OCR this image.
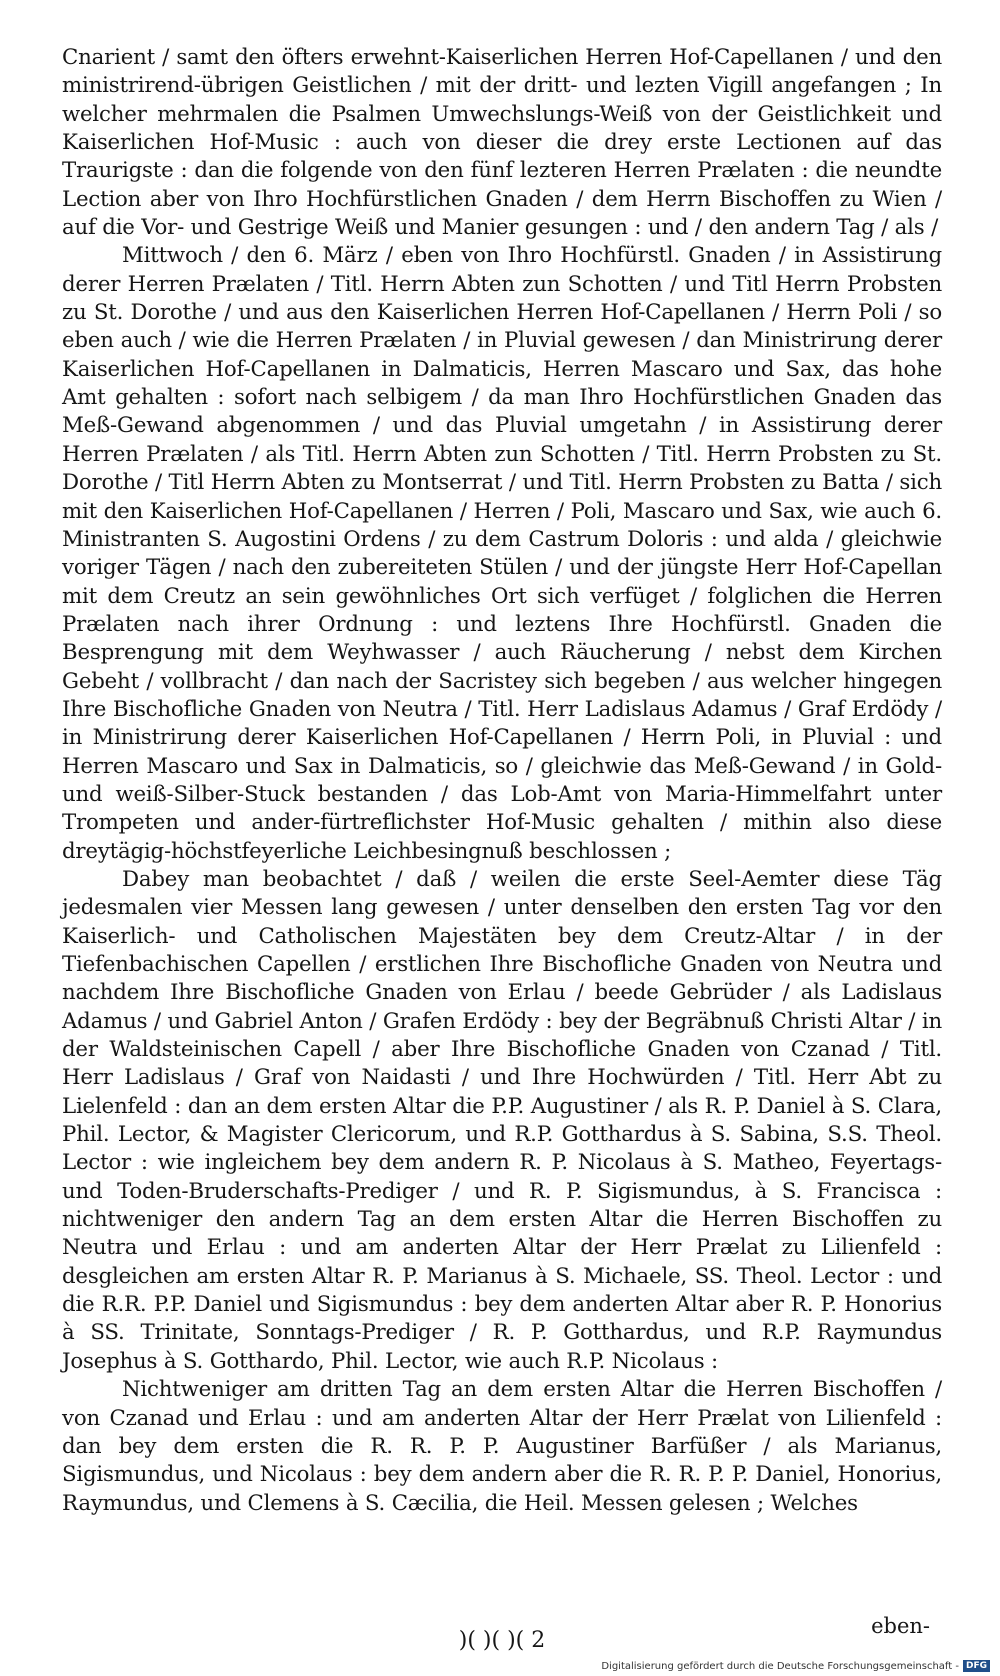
Cnarient / samt den öfters erwehnt-Kaiserlichen Herren Hof-Capellanen / und den ministrirend-übrigen Geistlichen / mit der dritt- und lezten Vigill angefangen ; In welcher mehrmalen die Psalmen Umwechslungs-Weiß von der Geistlichkeit und Kaiserlichen Hof-Music : auch von dieser die drey erste Lectionen auf das Traurigste : dan die folgende von den fünf lezteren Herren Prælaten : die neundte Lection aber von Ihro Hochfürstlichen Gnaden / dem Herrn Bischoffen zu Wien / auf die Vor- und Gestrige Weiß und Manier gesungen : und / den andern Tag / als /
Mittwoch / den 6. März / eben von Ihro Hochfürstl. Gnaden / in Assistirung derer Herren Prælaten / Titl. Herrn Abten zun Schotten / und Titl Herrn Probsten zu St. Dorothe / und aus den Kaiserlichen Herren Hof-Capellanen / Herrn Poli / so eben auch / wie die Herren Prælaten / in Pluvial gewesen / dan Ministrirung derer Kaiserlichen Hof-Capellanen in Dalmaticis, Herren Mascaro und Sax, das hohe Amt gehalten : sofort nach selbigem / da man Ihro Hochfürstlichen Gnaden das Meß-Gewand abgenommen / und das Pluvial umgetahn / in Assistirung derer Herren Prælaten / als Titl. Herrn Abten zun Schotten / Titl. Herrn Probsten zu St. Dorothe / Titl Herrn Abten zu Montserrat / und Titl. Herrn Probsten zu Batta / sich mit den Kaiserlichen Hof-Capellanen / Herren / Poli, Mascaro und Sax, wie auch 6. Ministranten S. Augostini Ordens / zu dem Castrum Doloris : und alda / gleichwie voriger Tägen / nach den zubereiteten Stülen / und der jüngste Herr Hof-Capellan mit dem Creutz an sein gewöhnliches Ort sich verfüget / folglichen die Herren Prælaten nach ihrer Ordnung : und leztens Ihre Hochfürstl. Gnaden die Besprengung mit dem Weyhwasser / auch Räucherung / nebst dem Kirchen Gebeht / vollbracht / dan nach der Sacristey sich begeben / aus welcher hingegen Ihre Bischofliche Gnaden von Neutra / Titl. Herr Ladislaus Adamus / Graf Erdödy / in Ministrirung derer Kaiserlichen Hof-Capellanen / Herrn Poli, in Pluvial : und Herren Mascaro und Sax in Dalmaticis, so / gleichwie das Meß-Gewand / in Gold- und weiß-Silber-Stuck bestanden / das Lob-Amt von Maria-Himmelfahrt unter Trompeten und ander-fürtreflichster Hof-Music gehalten / mithin also diese dreytägig-höchstfeyerliche Leichbesingnuß beschlossen ;
Dabey man beobachtet / daß / weilen die erste Seel-Aemter diese Täg jedesmalen vier Messen lang gewesen / unter denselben den ersten Tag vor den Kaiserlich- und Catholischen Majestäten bey dem Creutz-Altar / in der Tiefenbachischen Capellen / erstlichen Ihre Bischofliche Gnaden von Neutra und nachdem Ihre Bischofliche Gnaden von Erlau / beede Gebrüder / als Ladislaus Adamus / und Gabriel Anton / Grafen Erdödy : bey der Begräbnuß Christi Altar / in der Waldsteinischen Capell / aber Ihre Bischofliche Gnaden von Czanad / Titl. Herr Ladislaus / Graf von Naidasti / und Ihre Hochwürden / Titl. Herr Abt zu Lielenfeld : dan an dem ersten Altar die P.P. Augustiner / als R. P. Daniel à S. Clara, Phil. Lector, & Magister Clericorum, und R.P. Gotthardus à S. Sabina, S.S. Theol. Lector : wie ingleichem bey dem andern R. P. Nicolaus à S. Matheo, Feyertags- und Toden-Bruderschafts-Prediger / und R. P. Sigismundus, à S. Francisca : nichtweniger den andern Tag an dem ersten Altar die Herren Bischoffen zu Neutra und Erlau : und am anderten Altar der Herr Prælat zu Lilienfeld : desgleichen am ersten Altar R. P. Marianus à S. Michaele, SS. Theol. Lector : und die R.R. P.P. Daniel und Sigismundus : bey dem anderten Altar aber R. P. Honorius à SS. Trinitate, Sonntags-Prediger / R. P. Gotthardus, und R.P. Raymundus Josephus à S. Gotthardo, Phil. Lector, wie auch R.P. Nicolaus :
Nichtweniger am dritten Tag an dem ersten Altar die Herren Bischoffen / von Czanad und Erlau : und am anderten Altar der Herr Prælat von Lilienfeld : dan bey dem ersten die R. R. P. P. Augustiner Barfüßer / als Marianus, Sigismundus, und Nicolaus : bey dem andern aber die R. R. P. P. Daniel, Honorius, Raymundus, und Clemens à S. Cæcilia, die Heil. Messen gelesen ; Welches
)( )( )( 2
eben-
Digitalisierung gefördert durch die Deutsche Forschungsgemeinschaft - DFG
